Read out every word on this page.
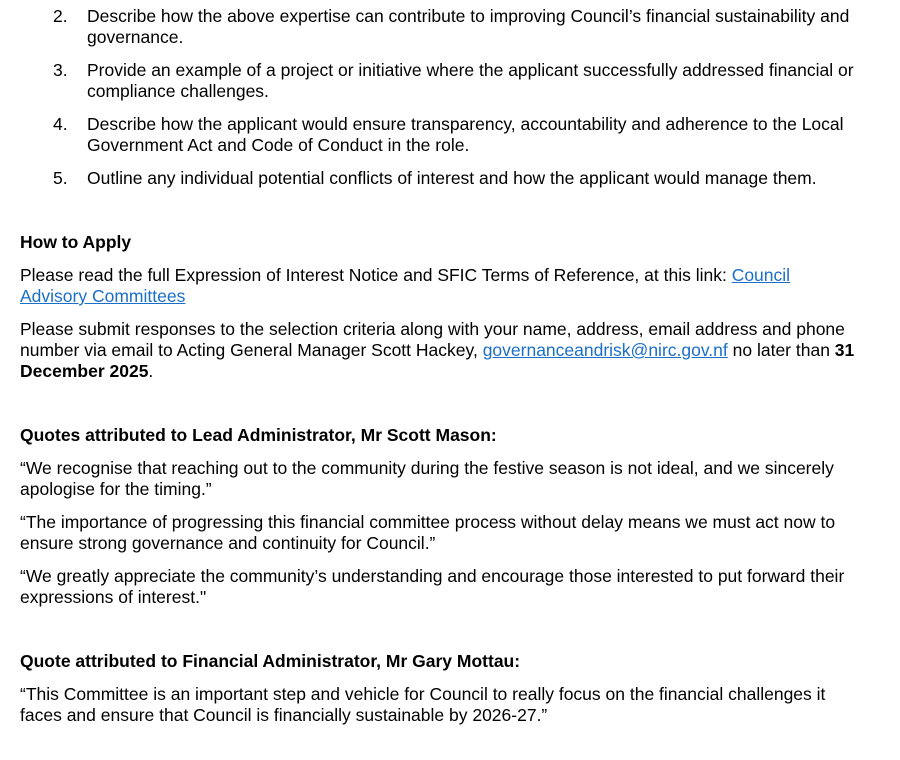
2. Describe how the above expertise can contribute to improving Council’s financial sustainability and governance.
3. Provide an example of a project or initiative where the applicant successfully addressed financial or compliance challenges.
4. Describe how the applicant would ensure transparency, accountability and adherence to the Local Government Act and Code of Conduct in the role.
5. Outline any individual potential conflicts of interest and how the applicant would manage them.
How to Apply

Please read the full Expression of Interest Notice and SFIC Terms of Reference, at this link: Council Advisory Committees

Please submit responses to the selection criteria along with your name, address, email address and phone number via email to Acting General Manager Scott Hackey, governanceandrisk@nirc.gov.nf no later than 31 December 2025.

Quotes attributed to Lead Administrator, Mr Scott Mason:

“We recognise that reaching out to the community during the festive season is not ideal, and we sincerely apologise for the timing.”

“The importance of progressing this financial committee process without delay means we must act now to ensure strong governance and continuity for Council.”

“We greatly appreciate the community’s understanding and encourage those interested to put forward their expressions of interest."

Quote attributed to Financial Administrator, Mr Gary Mottau:

“This Committee is an important step and vehicle for Council to really focus on the financial challenges it faces and ensure that Council is financially sustainable by 2026-27.”
